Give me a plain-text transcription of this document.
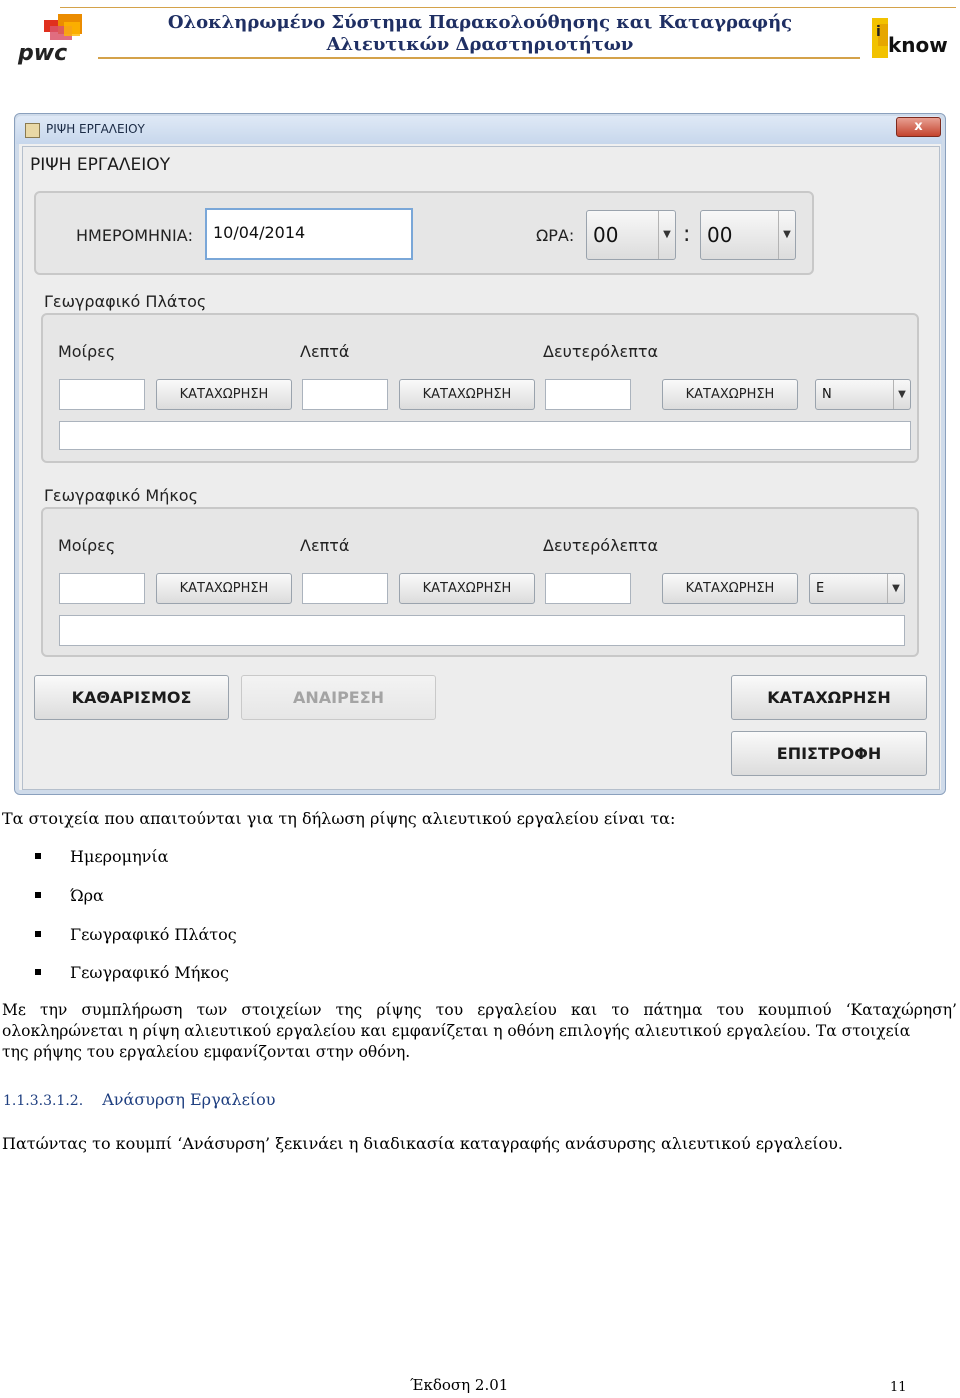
pwc
Ολοκληρωμένο Σύστημα Παρακολούθησης και Καταγραφής Αλιευτικών Δραστηριοτήτων
i
know
ΡΙΨΗ ΕΡΓΑΛΕΙΟΥ	x
ΡΙΨΗ ΕΡΓΑΛΕΙΟΥ
ΗΜΕΡΟΜΗΝΙΑ:	10/04/2014	ΩΡΑ: 00	▼ : 00	▼
Γεωγραφικό Πλάτος
Μοίρες	Λεπτά	Δευτερόλεπτα
ΚΑΤΑΧΩΡΗΣΗ	ΚΑΤΑΧΩΡΗΣΗ	ΚΑΤΑΧΩΡΗΣΗ	N	▼
Γεωγραφικό Μήκος
Μοίρες	Λεπτά	Δευτερόλεπτα
ΚΑΤΑΧΩΡΗΣΗ	ΚΑΤΑΧΩΡΗΣΗ	ΚΑΤΑΧΩΡΗΣΗ	E	▼
ΚΑΘΑΡΙΣΜΟΣ	ΑΝΑΙΡΕΣΗ	ΚΑΤΑΧΩΡΗΣΗ
ΕΠΙΣΤΡΟΦΗ
Τα στοιχεία που απαιτούνται για τη δήλωση ρίψης αλιευτικού εργαλείου είναι τα:
Ημερομηνία
Ώρα
Γεωγραφικό Πλάτος
Γεωγραφικό Μήκος
Με την συμπλήρωση των στοιχείων της ρίψης του εργαλείου και το πάτημα του κουμπιού ‘Καταχώρηση’
ολοκληρώνεται η ρίψη αλιευτικού εργαλείου και εμφανίζεται η οθόνη επιλογής αλιευτικού εργαλείου. Τα στοιχεία
της ρήψης του εργαλείου εμφανίζονται στην οθόνη.
1.1.3.3.1.2. Ανάσυρση Εργαλείου
Πατώντας το κουμπί ‘Ανάσυρση’ ξεκινάει η διαδικασία καταγραφής ανάσυρσης αλιευτικού εργαλείου.
Έκδοση 2.01	11
